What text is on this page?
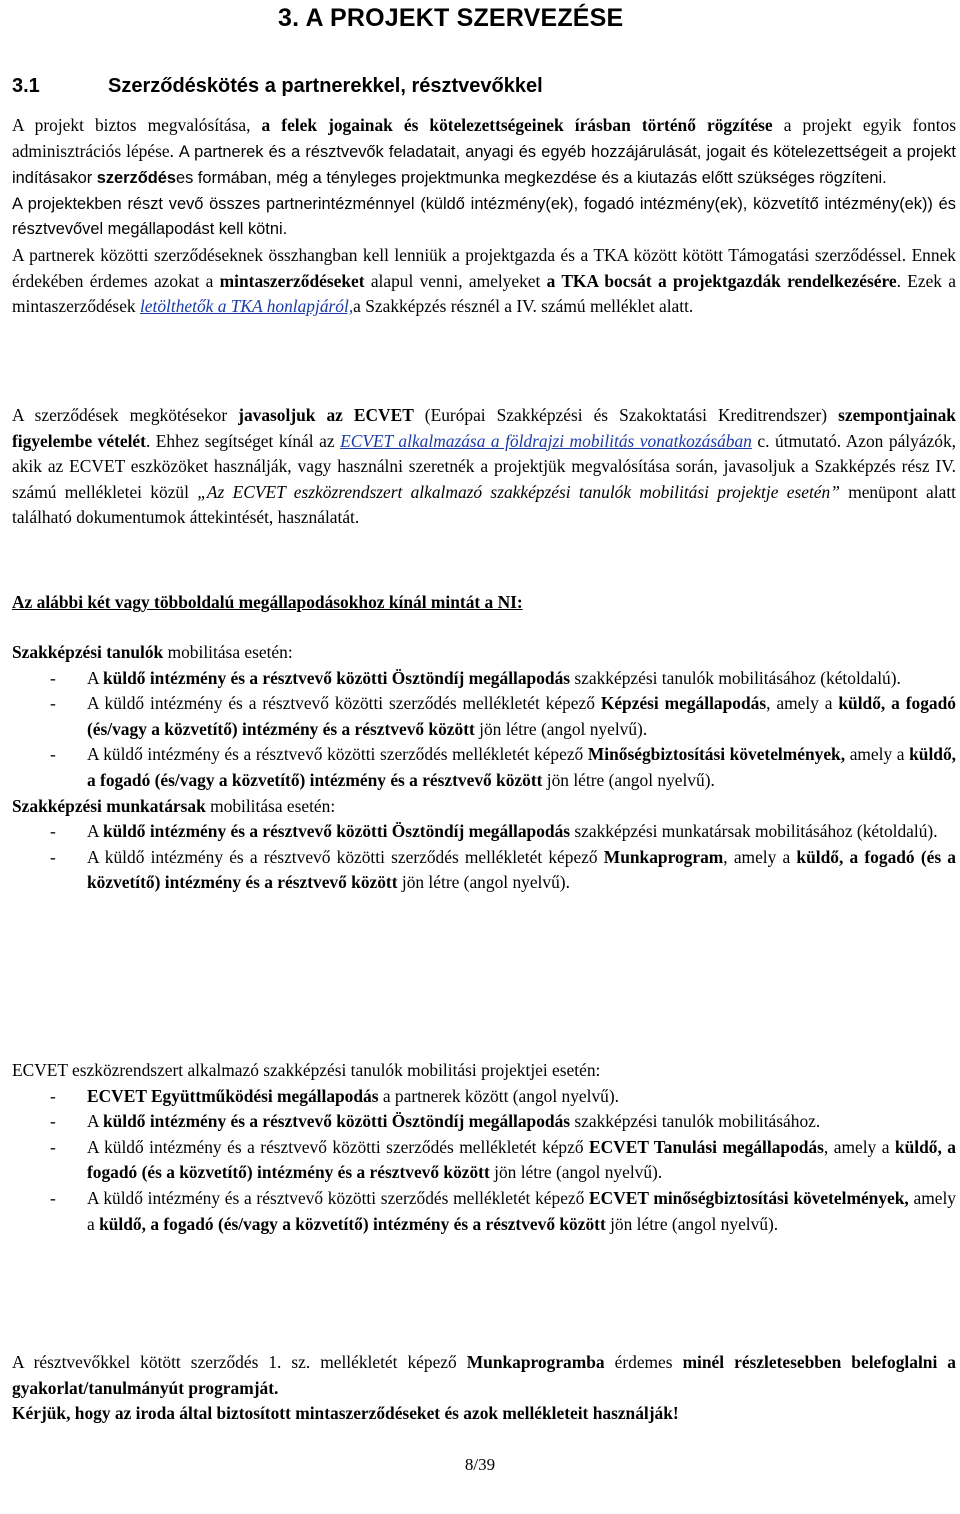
3. A PROJEKT SZERVEZÉSE
3.1	Szerződéskötés a partnerekkel, résztvevőkkel

A projekt biztos megvalósítása, a felek jogainak és kötelezettségeinek írásban történő rögzítése a projekt egyik fontos adminisztrációs lépése. A partnerek és a résztvevők feladatait, anyagi és egyéb hozzájárulását, jogait és kötelezettségeit a projekt indításakor szerződéses formában, még a tényleges projektmunka megkezdése és a kiutazás előtt szükséges rögzíteni.

A projektekben részt vevő összes partnerintézménnyel (küldő intézmény(ek), fogadó intézmény(ek), közvetítő intézmény(ek)) és résztvevővel megállapodást kell kötni.

A partnerek közötti szerződéseknek összhangban kell lenniük a projektgazda és a TKA között kötött Támogatási szerződéssel. Ennek érdekében érdemes azokat a mintaszerződéseket alapul venni, amelyeket a TKA bocsát a projektgazdák rendelkezésére. Ezek a mintaszerződések letölthetők a TKA honlapjáról,a Szakképzés résznél a IV. számú melléklet alatt.

A szerződések megkötésekor javasoljuk az ECVET (Európai Szakképzési és Szakoktatási Kreditrendszer) szempontjainak figyelembe vételét. Ehhez segítséget kínál az ECVET alkalmazása a földrajzi mobilitás vonatkozásában c. útmutató. Azon pályázók, akik az ECVET eszközöket használják, vagy használni szeretnék a projektjük megvalósítása során, javasoljuk a Szakképzés rész IV. számú mellékletei közül „Az ECVET eszközrendszert alkalmazó szakképzési tanulók mobilitási projektje esetén” menüpont alatt található dokumentumok áttekintését, használatát.

Az alábbi két vagy többoldalú megállapodásokhoz kínál mintát a NI:

Szakképzési tanulók mobilitása esetén:

- A küldő intézmény és a résztvevő közötti Ösztöndíj megállapodás szakképzési tanulók mobilitásához (kétoldalú).
- A küldő intézmény és a résztvevő közötti szerződés mellékletét képező Képzési megállapodás, amely a küldő, a fogadó (és/vagy a közvetítő) intézmény és a résztvevő között jön létre (angol nyelvű).
- A küldő intézmény és a résztvevő közötti szerződés mellékletét képező Minőségbiztosítási követelmények, amely a küldő, a fogadó (és/vagy a közvetítő) intézmény és a résztvevő között jön létre (angol nyelvű).

Szakképzési munkatársak mobilitása esetén:

- A küldő intézmény és a résztvevő közötti Ösztöndíj megállapodás szakképzési munkatársak mobilitásához (kétoldalú).
- A küldő intézmény és a résztvevő közötti szerződés mellékletét képező Munkaprogram, amely a küldő, a fogadó (és a közvetítő) intézmény és a résztvevő között jön létre (angol nyelvű).

ECVET eszközrendszert alkalmazó szakképzési tanulók mobilitási projektjei esetén:

- ECVET Együttműködési megállapodás a partnerek között (angol nyelvű).
- A küldő intézmény és a résztvevő közötti Ösztöndíj megállapodás szakképzési tanulók mobilitásához.
- A küldő intézmény és a résztvevő közötti szerződés mellékletét képző ECVET Tanulási megállapodás, amely a küldő, a fogadó (és a közvetítő) intézmény és a résztvevő között jön létre (angol nyelvű).
- A küldő intézmény és a résztvevő közötti szerződés mellékletét képező ECVET minőségbiztosítási követelmények, amely a küldő, a fogadó (és/vagy a közvetítő) intézmény és a résztvevő között jön létre (angol nyelvű).

A résztvevőkkel kötött szerződés 1. sz. mellékletét képező Munkaprogramba érdemes minél részletesebben belefoglalni a gyakorlat/tanulmányút programját.

Kérjük, hogy az iroda által biztosított mintaszerződéseket és azok mellékleteit használják!

8/39
